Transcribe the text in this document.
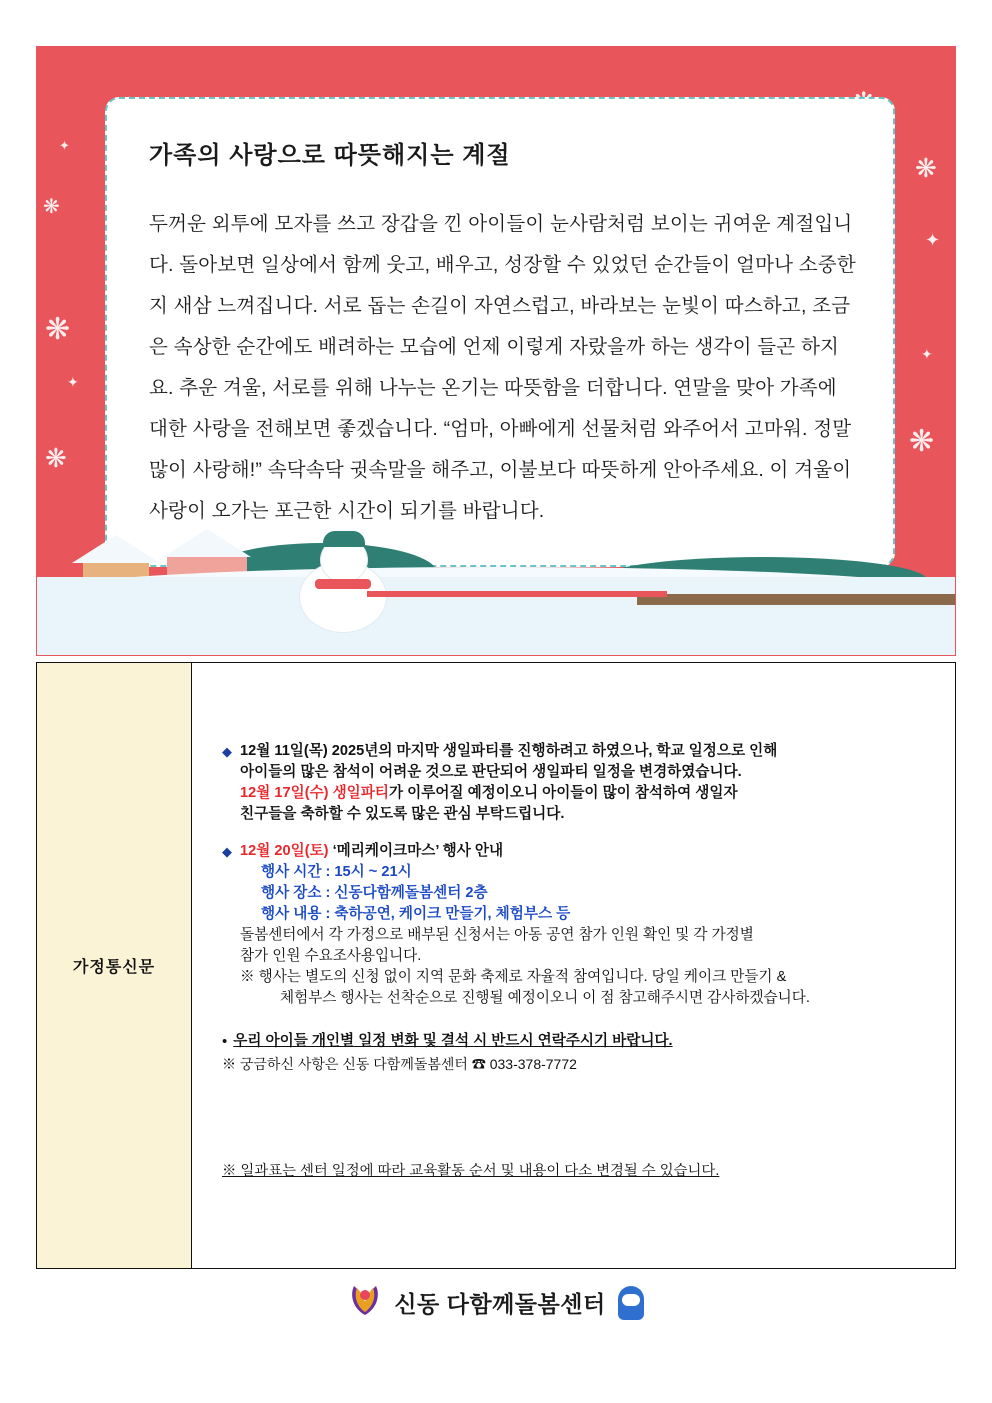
❋
❋
✦
❋
✦
❋
❋
✦
✦	가족의 사랑으로 따뜻해지는 계절
두꺼운 외투에 모자를 쓰고 장갑을 낀 아이들이 눈사람처럼 보이는 귀여운 계절입니다. 돌아보면 일상에서 함께 웃고, 배우고, 성장할 수 있었던 순간들이 얼마나 소중한지 새삼 느껴집니다. 서로 돕는 손길이 자연스럽고, 바라보는 눈빛이 따스하고, 조금은 속상한 순간에도 배려하는 모습에 언제 이렇게 자랐을까 하는 생각이 들곤 하지요. 추운 겨울, 서로를 위해 나누는 온기는 따뜻함을 더합니다. 연말을 맞아 가족에 대한 사랑을 전해보면 좋겠습니다. “엄마, 아빠에게 선물처럼 와주어서 고마워. 정말 많이 사랑해!” 속닥속닥 귓속말을 해주고, 이불보다 따뜻하게 안아주세요. 이 겨울이 사랑이 오가는 포근한 시간이 되기를 바랍니다.
가정통신문
◆ 12월 11일(목) 2025년의 마지막 생일파티를 진행하려고 하였으나, 학교 일정으로 인해
아이들의 많은 참석이 어려운 것으로 판단되어 생일파티 일정을 변경하였습니다.
12월 17일(수) 생일파티가 이루어질 예정이오니 아이들이 많이 참석하여 생일자
친구들을 축하할 수 있도록 많은 관심 부탁드립니다.
◆ 12월 20일(토) ‘메리케이크마스’ 행사 안내
행사 시간 : 15시 ~ 21시
행사 장소 : 신동다함께돌봄센터 2층
행사 내용 : 축하공연, 케이크 만들기, 체험부스 등
돌봄센터에서 각 가정으로 배부된 신청서는 아동 공연 참가 인원 확인 및 각 가정별
참가 인원 수요조사용입니다.
※ 행사는 별도의 신청 없이 지역 문화 축제로 자율적 참여입니다. 당일 케이크 만들기 &
체험부스 행사는 선착순으로 진행될 예정이오니 이 점 참고해주시면 감사하겠습니다.
• 우리 아이들 개인별 일정 변화 및 결석 시 반드시 연락주시기 바랍니다.
※ 궁금하신 사항은 신동 다함께돌봄센터 ☎ 033-378-7772
※ 일과표는 센터 일정에 따라 교육활동 순서 및 내용이 다소 변경될 수 있습니다.
신동 다함께돌봄센터
